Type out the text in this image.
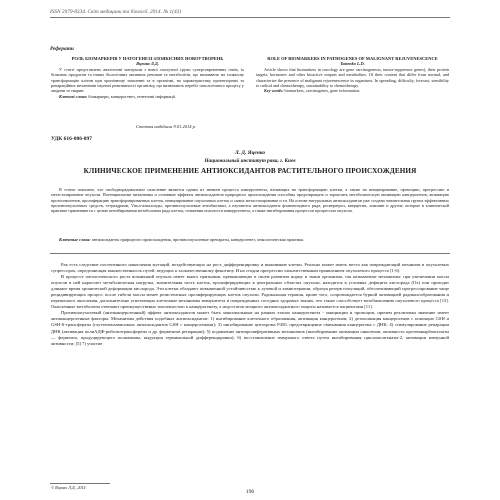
ISSN 2079-8334. Світ медицини та біології. 2014. № 1(43)
Реферати
РОЛЬ БІОМАРКЕРІВ У НАТОГЕНЕЗІ ЗЛОЯКІСНИХ НОВОУТВОРЕНЬ
Яценко Л.Д.
У статті представлено аналітичні матеріали з нової сполучної групи суперсовременних генів, їх білкових продуктів та інших біологічних активних речовин та метаболітів, що впливають на злоякісну трансформацію клітин при хронічному запаленні та в організмі, на характеристику протекторних та репараційних механізмів імунної реактивності організму, що визначають перебіг патологічного процесу у людини та тварин.
Ключові слова: біомаркери, канцерогенез, генетичні інформації.
ROLE OF BIOMARKERS IN PATHOGENES OF MALIGNANT REJUVENESCENCE
Yatsenko L.D.
Article shows that biomarkers in oncology are gene carcinogenesis, tumor-suppressor genes), their protein targets, hormones and other bioactive outputs and metabolites. Of their content that differ from normal, and characterize the presence of malignant rejuvenescence in organisms. In spreading, difficulty, forecast, sensibility to radical and chemotherapy, sustainability to chemotherapy.
Key words: biomarkers, carcinogenes, gene information.
Стаття надійшла 9.01.2014 р.
УДК 616-006-097
Л. Д. Яценко
Национальный институт рака, г. Киев
КЛИНИЧЕСКОЕ ПРИМЕНЕНИЕ АНТИОКСИДАНТОВ РАСТИТЕЛЬНОГО ПРОИСХОЖДЕНИЯ
В статье показано, что свободнорадикальное окисление является одним из звеньев процесса канцерогенеза, влияющих на трансформацию клетки, а также на инициирование, промоцию, прогрессию и метастазирование опухоли. Потенциальные механизмы и основные эффекты антиоксидантов природного происхождения способны предотвращать и тормозить метаболическую активацию канцерогенов, активацию протоонкогенов, пролиферацию трансформированных клеток, инициирование опухолевых клеток и самих метастазирование и тп. На основе натуральных антиоксидантов уже создана значительная группа эффективных противоопухолевых средств, тетраэдрами, Vinca-алкалоиды, противоопухолевые антибиотики, а изучаются антиоксиданты флавоноидного ряда, ресвератрол, кверцетин, ликопин и другие, которые в клинической практике применяются с целью ингибирования метаболизма ряда клеток, снижения опасности канцерогенеза, а также ингибирования процессов прогрессии опухоли.
Ключевые слова: антиоксиданты природного происхождения, противоопухолевые препараты, канцерогенез, онкологическая практика.

Рак есть следствие постепенного накопления мутаций, воздействующих на рост, дифференцировку и выживание клетки. Реально может иметь место как повреждающий механизм в опухолевых супрессорах, определяющая множественность путей, ведущих к злокачественному фенотипу. И на стадии прогрессии злокачественным проявлением опухолевого процесса [1-6].

В процессе патологического роста возникший опухоль имеет много признаков, превышающих в своем развитии норму и ткани организма, так называемые механизмы: при увеличении массы опухоли в ней нарастает метаболическая нагрузка, значительная часть клеток, пролиферирующих в центральных областях опухоли, находится в условиях дефицита кислорода (Ox) или проходят длинное время хронической деформации кислорода. Эти клетки обладают повышенной устойчивостью к лучевой и химиотерапии, образуя резерв популяций, обеспечивающий прогрессирование чаще рецидивирующих процесс после гибели массы менее резистентных пролиферирующих клеток опухоли. Радикальная терапия, кроме того, сопровождается бурной активацией радикалообразования и перекисного окисления, дополнительно угнетающих клеточные механизмы иммунитета и поврежденных соседних здоровых тканях, что также способствует возобновлению опухолевого процесса [13]. Окисленные метаболиты отвечают преимущественно токсичностью к канцерогенезу, а недостаток мощного антиоксидантного защиты называется пациентами [11].

Противоопухолевый (антиканцерогенный) эффект антиоксидантов может быть максимальным на ранних этапах канцерогенеза - инициации и промоции, причем реализован значение имеет антиканцерогенные факторы. Механизмы действия подобных антиоксидантов: 1) ингибирование клеточного образования, активация канцерогенов; 2) детоксикация канцерогенов с помощью GSH и GSH-S-трансферазы (глутатионзависимых антиоксидантов GSH с канцерогенами); 3) ингибирование цитохрома P450, предотвращение связывания канцерогена с ДНК; 4) стимулирование репарации ДНК (активация полиАДФ-рибозилтрансферазы и др. ферментов репарации); 5) подавление антипролиферативных механизмов (ингибирование активации онкогенов, активность протеинкарбоксилазы — фермента, продуцирующего полиамины, индукция терминальной дифференцировки); 6) восстановление иммунного ответа путем ингибирования циклооксигеназы-2, активации иммунной активности; [5] 7) участие

© Яценко Л.Д., 2014
196
